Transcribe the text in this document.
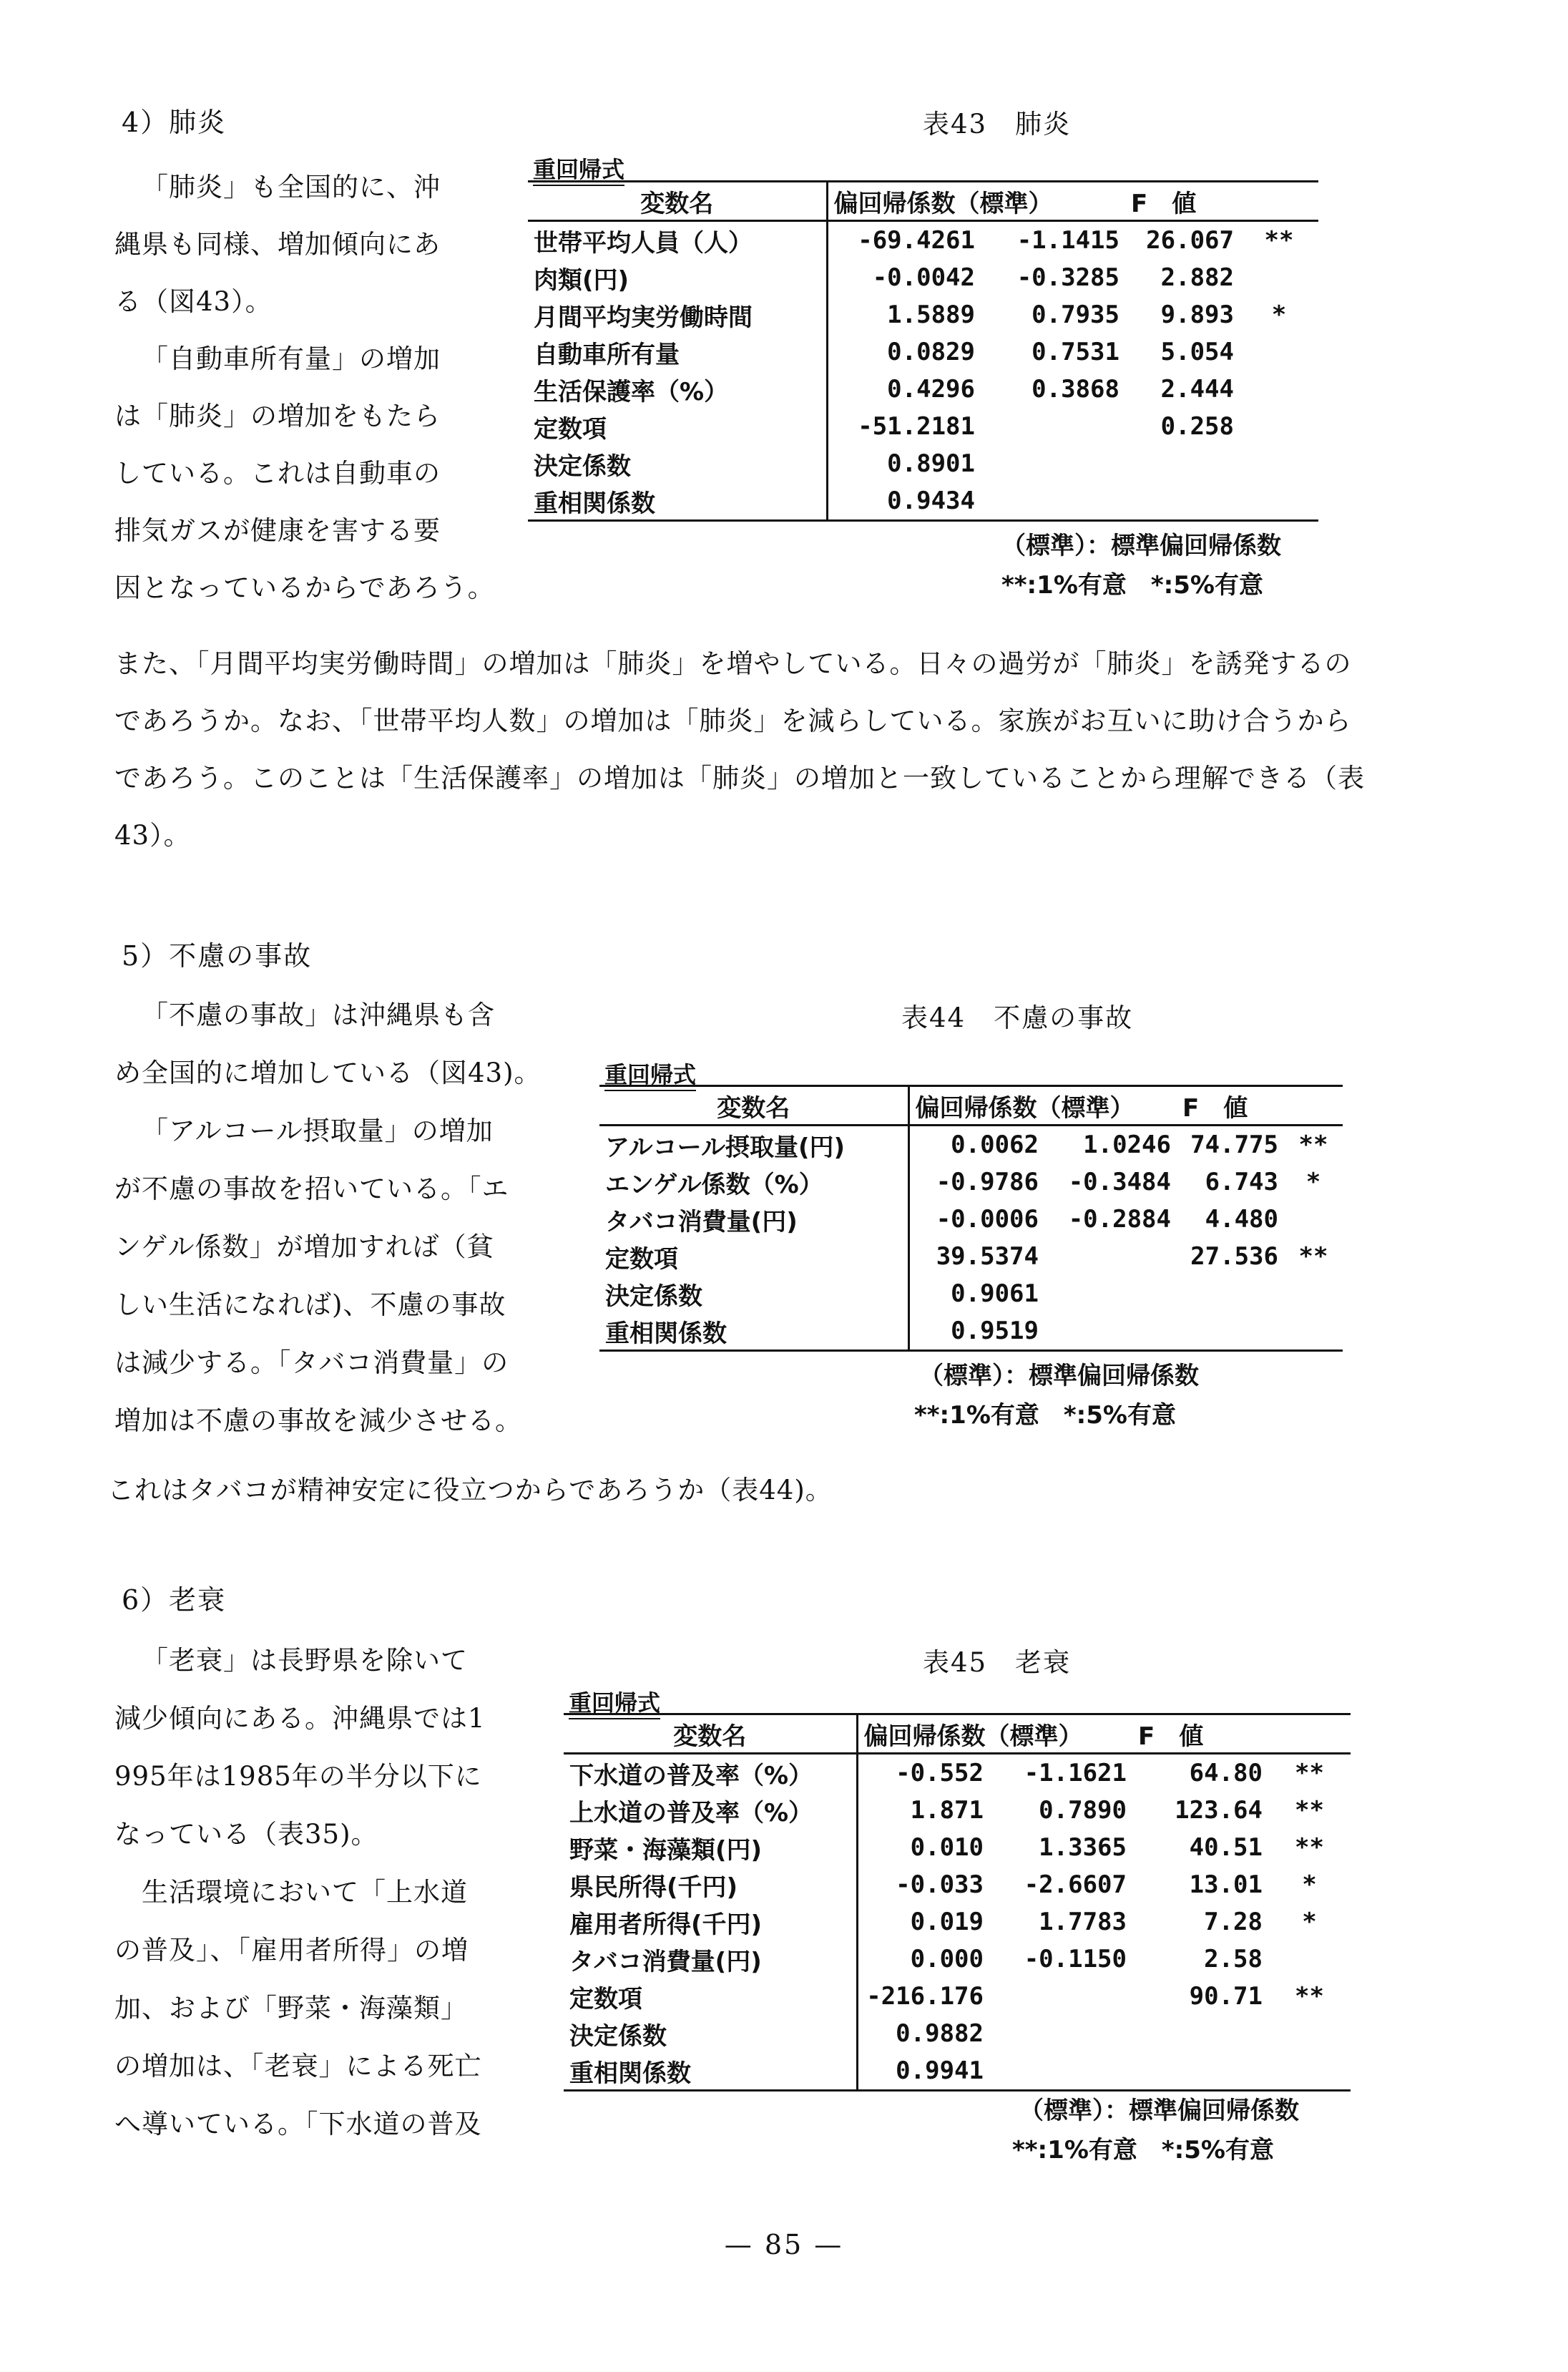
4）肺炎
「肺炎」も全国的に、沖
縄県も同様、増加傾向にあ
る（図43）。
「自動車所有量」の増加
は「肺炎」の増加をもたら
している。これは自動車の
排気ガスが健康を害する要
因となっているからであろう。
また、「月間平均実労働時間」の増加は「肺炎」を増やしている。日々の過労が「肺炎」を誘発するの
であろうか。なお、「世帯平均人数」の増加は「肺炎」を減らしている。家族がお互いに助け合うから
であろう。このことは「生活保護率」の増加は「肺炎」の増加と一致していることから理解できる（表
43）。
表43　肺炎
重回帰式
変数名	偏回帰係数（標準）		F　値	
世帯平均人員（人）	-69.4261	-1.1415	26.067	**
肉類(円)	-0.0042	-0.3285	2.882	
月間平均実労働時間	1.5889	0.7935	9.893	*
自動車所有量	0.0829	0.7531	5.054	
生活保護率（%）	0.4296	0.3868	2.444	
定数項	-51.2181		0.258	
決定係数	0.8901			
重相関係数	0.9434			
（標準）：標準偏回帰係数
**:1%有意　*:5%有意
5）不慮の事故
「不慮の事故」は沖縄県も含
め全国的に増加している（図43)。
「アルコール摂取量」の増加
が不慮の事故を招いている。「エ
ンゲル係数」が増加すれば（貧
しい生活になれば)、不慮の事故
は減少する。「タバコ消費量」の
増加は不慮の事故を減少させる。
これはタバコが精神安定に役立つからであろうか（表44)。
表44　不慮の事故
重回帰式
変数名	偏回帰係数（標準）		F　値	
アルコール摂取量(円)	0.0062	1.0246	74.775	**
エンゲル係数（%）	-0.9786	-0.3484	6.743	*
タバコ消費量(円)	-0.0006	-0.2884	4.480	
定数項	39.5374		27.536	**
決定係数	0.9061			
重相関係数	0.9519			
（標準）：標準偏回帰係数
**:1%有意　*:5%有意
6）老衰
「老衰」は長野県を除いて
減少傾向にある。沖縄県では1
995年は1985年の半分以下に
なっている（表35)。
生活環境において「上水道
の普及」、「雇用者所得」の増
加、および「野菜・海藻類」
の増加は、「老衰」による死亡
へ導いている。「下水道の普及
表45　老衰
重回帰式
変数名	偏回帰係数（標準）		F　値	
下水道の普及率（%）	-0.552	-1.1621	64.80	**
上水道の普及率（%）	1.871	0.7890	123.64	**
野菜・海藻類(円)	0.010	1.3365	40.51	**
県民所得(千円)	-0.033	-2.6607	13.01	*
雇用者所得(千円)	0.019	1.7783	7.28	*
タバコ消費量(円)	0.000	-0.1150	2.58	
定数項	-216.176		90.71	**
決定係数	0.9882			
重相関係数	0.9941			
（標準）：標準偏回帰係数
**:1%有意　*:5%有意
— 85 —
